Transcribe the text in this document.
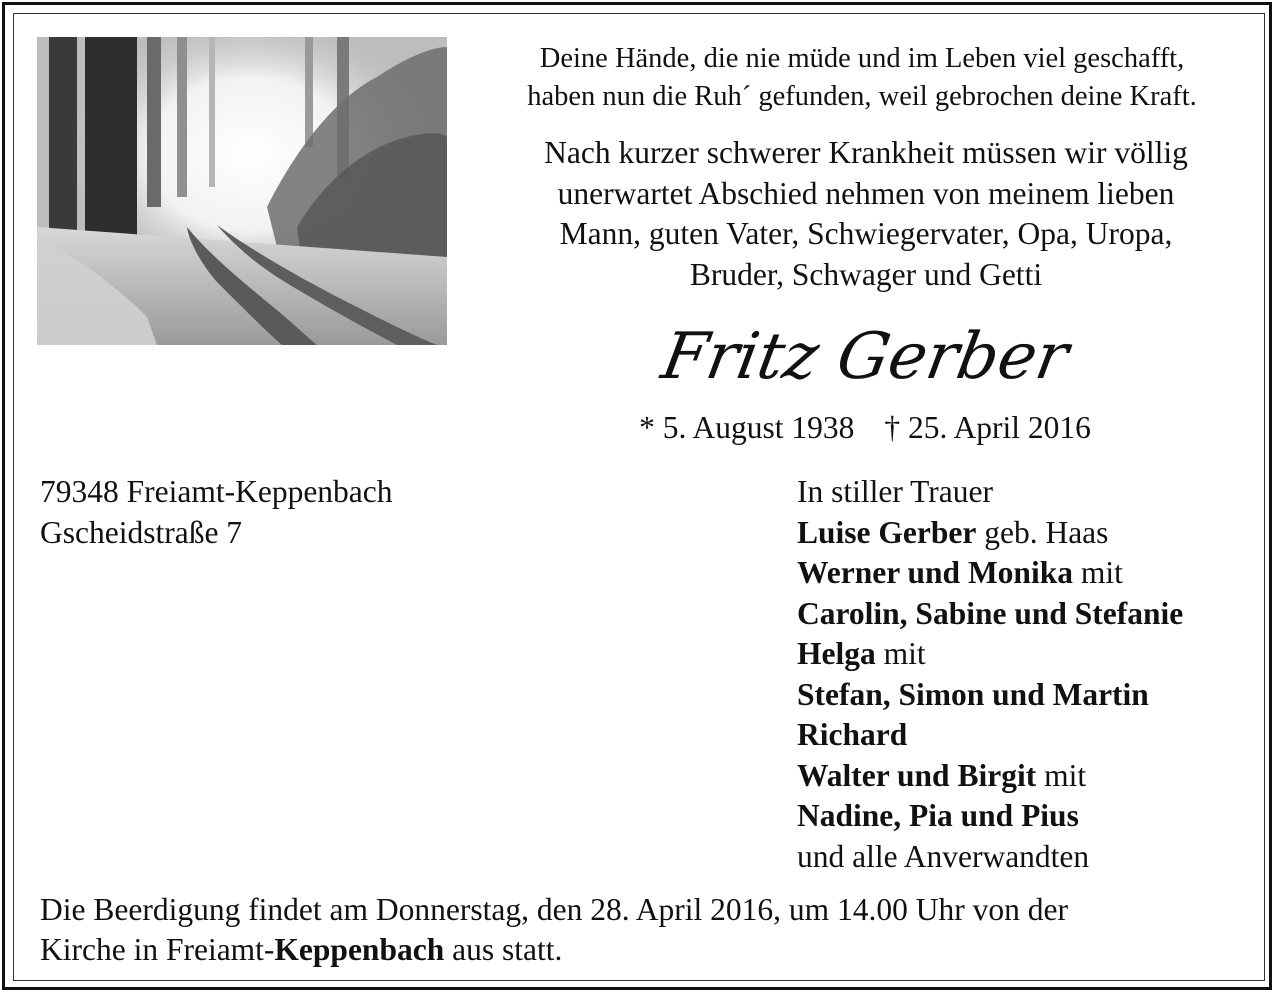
Deine Hände, die nie müde und im Leben viel geschafft,
haben nun die Ruh´ gefunden, weil gebrochen deine Kraft.
Nach kurzer schwerer Krankheit müssen wir völlig
unerwartet Abschied nehmen von meinem lieben
Mann, guten Vater, Schwiegervater, Opa, Uropa,
Bruder, Schwager und Getti
Fritz Gerber
* 5. August 1938 † 25. April 2016
79348 Freiamt-Keppenbach
Gscheidstraße 7
In stiller Trauer
Luise Gerber geb. Haas
Werner und Monika mit
Carolin, Sabine und Stefanie
Helga mit
Stefan, Simon und Martin
Richard
Walter und Birgit mit
Nadine, Pia und Pius
und alle Anverwandten
Die Beerdigung findet am Donnerstag, den 28. April 2016, um 14.00 Uhr von der
Kirche in Freiamt-Keppenbach aus statt.
